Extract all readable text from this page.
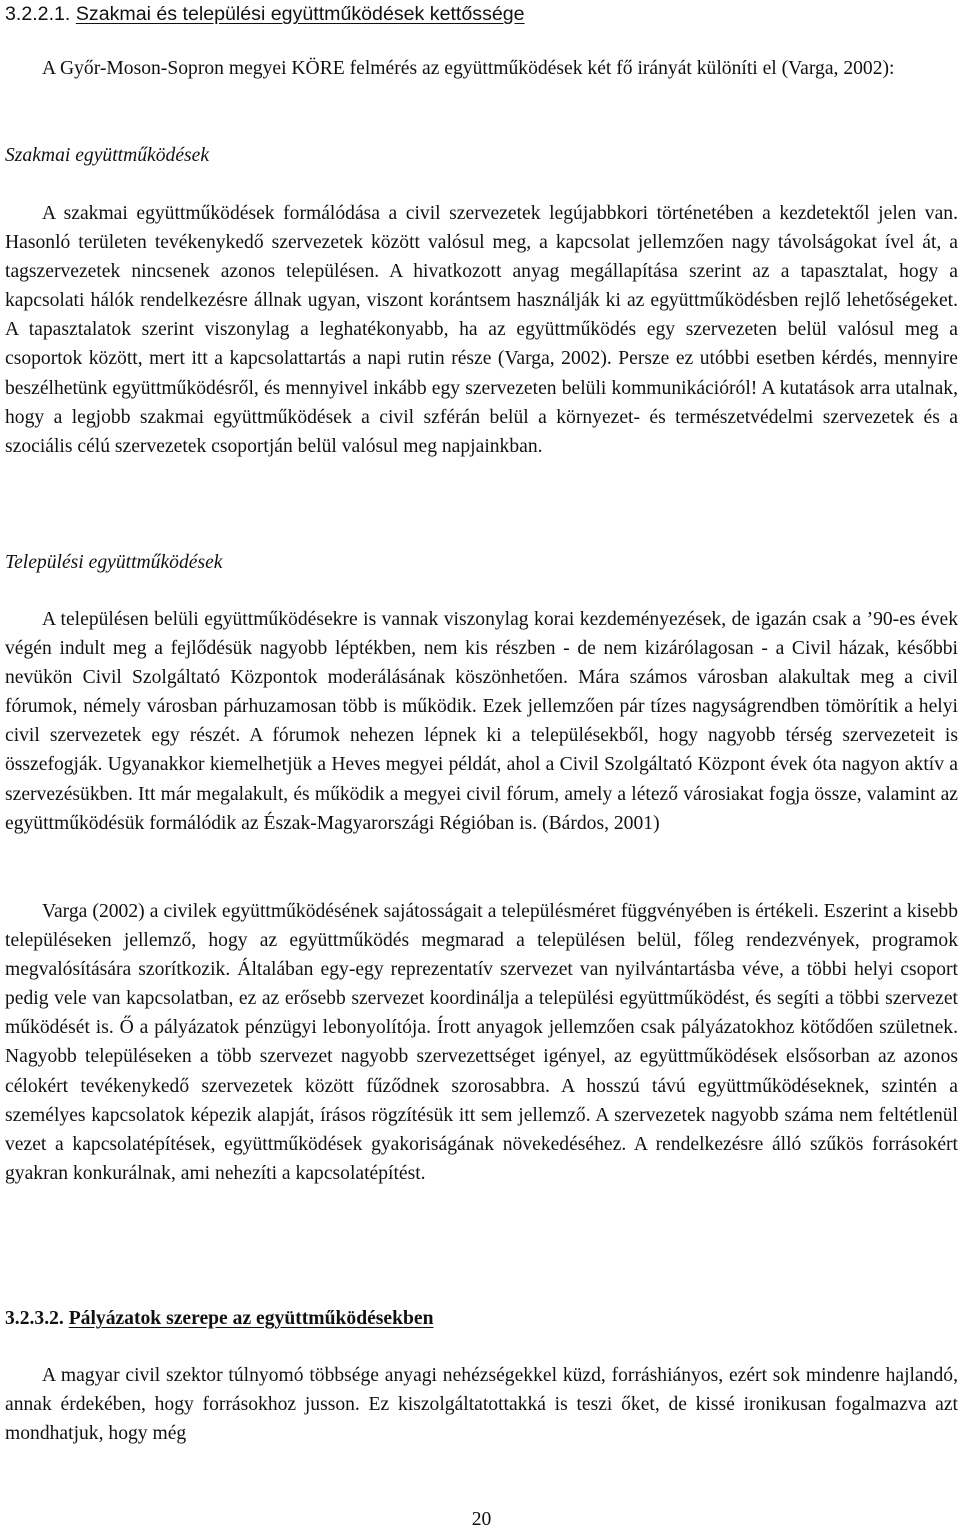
3.2.2.1. Szakmai és települési együttműködések kettőssége

A Győr-Moson-Sopron megyei KÖRE felmérés az együttműködések két fő irányát különíti el (Varga, 2002):

Szakmai együttműködések

A szakmai együttműködések formálódása a civil szervezetek legújabbkori történetében a kezdetektől jelen van. Hasonló területen tevékenykedő szervezetek között valósul meg, a kapcsolat jellemzően nagy távolságokat ível át, a tagszervezetek nincsenek azonos településen. A hivatkozott anyag megállapítása szerint az a tapasztalat, hogy a kapcsolati hálók rendelkezésre állnak ugyan, viszont korántsem használják ki az együttműködésben rejlő lehetőségeket. A tapasztalatok szerint viszonylag a leghatékonyabb, ha az együttműködés egy szervezeten belül valósul meg a csoportok között, mert itt a kapcsolattartás a napi rutin része (Varga, 2002). Persze ez utóbbi esetben kérdés, mennyire beszélhetünk együttműködésről, és mennyivel inkább egy szervezeten belüli kommunikációról! A kutatások arra utalnak, hogy a legjobb szakmai együttműködések a civil szférán belül a környezet- és természetvédelmi szervezetek és a szociális célú szervezetek csoportján belül valósul meg napjainkban.

Települési együttműködések

A településen belüli együttműködésekre is vannak viszonylag korai kezdeményezések, de igazán csak a ’90-es évek végén indult meg a fejlődésük nagyobb léptékben, nem kis részben - de nem kizárólagosan - a Civil házak, későbbi nevükön Civil Szolgáltató Központok moderálásának köszönhetően. Mára számos városban alakultak meg a civil fórumok, némely városban párhuzamosan több is működik. Ezek jellemzően pár tízes nagyságrendben tömörítik a helyi civil szervezetek egy részét. A fórumok nehezen lépnek ki a településekből, hogy nagyobb térség szervezeteit is összefogják. Ugyanakkor kiemelhetjük a Heves megyei példát, ahol a Civil Szolgáltató Központ évek óta nagyon aktív a szervezésükben. Itt már megalakult, és működik a megyei civil fórum, amely a létező városiakat fogja össze, valamint az együttműködésük formálódik az Észak-Magyarországi Régióban is. (Bárdos, 2001)

Varga (2002) a civilek együttműködésének sajátosságait a településméret függvényében is értékeli. Eszerint a kisebb településeken jellemző, hogy az együttműködés megmarad a településen belül, főleg rendezvények, programok megvalósítására szorítkozik. Általában egy-egy reprezentatív szervezet van nyilvántartásba véve, a többi helyi csoport pedig vele van kapcsolatban, ez az erősebb szervezet koordinálja a települési együttműködést, és segíti a többi szervezet működését is. Ő a pályázatok pénzügyi lebonyolítója. Írott anyagok jellemzően csak pályázatokhoz kötődően születnek. Nagyobb településeken a több szervezet nagyobb szervezettséget igényel, az együttműködések elsősorban az azonos célokért tevékenykedő szervezetek között fűződnek szorosabbra. A hosszú távú együttműködéseknek, szintén a személyes kapcsolatok képezik alapját, írásos rögzítésük itt sem jellemző. A szervezetek nagyobb száma nem feltétlenül vezet a kapcsolatépítések, együttműködések gyakoriságának növekedéséhez. A rendelkezésre álló szűkös forrásokért gyakran konkurálnak, ami nehezíti a kapcsolatépítést.

3.2.3.2. Pályázatok szerepe az együttműködésekben

A magyar civil szektor túlnyomó többsége anyagi nehézségekkel küzd, forráshiányos, ezért sok mindenre hajlandó, annak érdekében, hogy forrásokhoz jusson. Ez kiszolgáltatottakká is teszi őket, de kissé ironikusan fogalmazva azt mondhatjuk, hogy még

20
